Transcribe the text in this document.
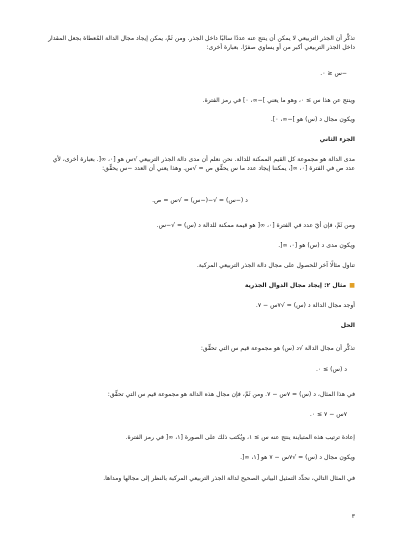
تذكَّر أن الجذر التربيعي لا يمكن أن ينتج عنه عددًا سالبًا داخل الجذر. ومن ثَمَّ، يمكن إيجاد مجال الدالة المُعطاة بجعل المقدار داخل الجذر التربيعي أكبر من أو يساوي صفرًا. بعبارة أخرى:

−س ≤ ٠.

وينتج عن هذا س ≥ ٠، وهو ما يعني ]−∞، ٠] في رمز الفترة.

ويكون مجال د (س) هو ]−∞، ٠].

الجزء الثاني

مدى الدالة هو مجموعة كل القيم الممكنة للدالة. نحن نعلم أن مدى دالة الجذر التربيعي √س هو [٠، ∞[. بعبارة أخرى، لأي عدد ص في الفترة [٠، ∞[، يمكننا إيجاد عدد ما س يحقِّق ص = √س. وهذا يعني أن العدد −س يحقِّق:

د (−س) = √−(−س) = √س = ص.

ومن ثَمَّ، فإن أيّ عدد في الفترة [٠، ∞[ هو قيمة ممكنة للدالة د (س) = √−س.

ويكون مدى د (س) هو [٠، ∞[.

تناول مثالًا آخر للحصول على مجال دالة الجذر التربيعي المركبة.

■مثال ٢: إيجاد مجال الدوال الجذرية

أوجد مجال الدالة د (س) = √٧س − ٧.

الحل

تذكَّر أن مجال الدالة √د (س) هو مجموعة قيم س التي تحقِّق:

د (س) ≥ ٠.

في هذا المثال، د (س) = ٧س − ٧. ومن ثَمَّ، فإن مجال هذه الدالة هو مجموعة قيم س التي تحقِّق:

٧س − ٧ ≥ ٠.

إعادة ترتيب هذه المتباينة ينتج عنه س ≥ ١، ويُكتب ذلك على الصورة [١، ∞[ في رمز الفترة.

ويكون مجال د (س) = √٧س − ٧ هو [١، ∞[.

في المثال التالي، نحدِّد التمثيل البياني الصحيح لدالة الجذر التربيعي المركبة بالنظر إلى مجالها ومداها.

٣
